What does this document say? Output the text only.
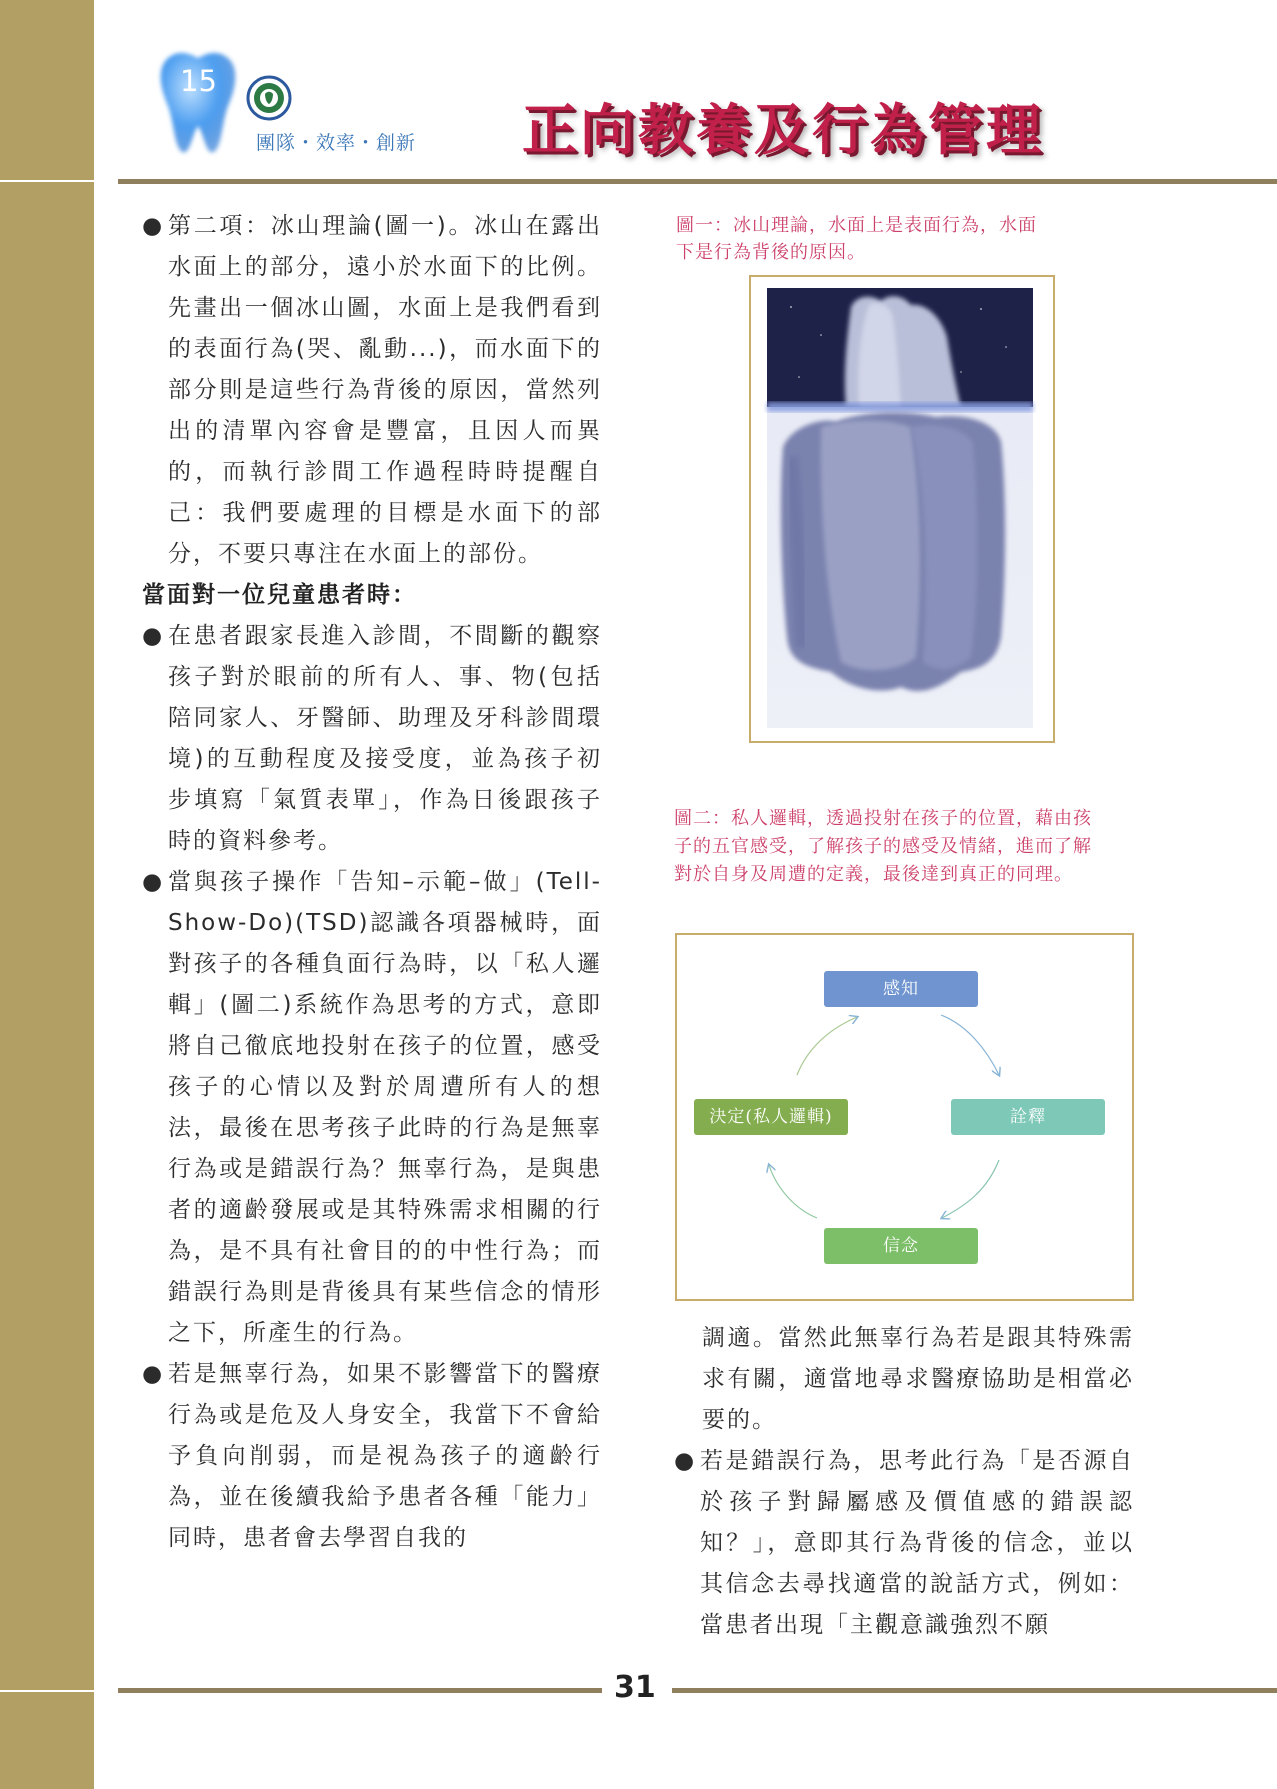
15
團隊・效率・創新 正向教養及行為管理
● 第二項：冰山理論(圖一)。冰山在露出水面上的部分，遠小於水面下的比例。先畫出一個冰山圖，水面上是我們看到的表面行為(哭、亂動...)，而水面下的部分則是這些行為背後的原因，當然列出的清單內容會是豐富，且因人而異的，而執行診間工作過程時時提醒自己：我們要處理的目標是水面下的部分，不要只專注在水面上的部份。
當面對一位兒童患者時：
● 在患者跟家長進入診間，不間斷的觀察孩子對於眼前的所有人、事、物(包括陪同家人、牙醫師、助理及牙科診間環境)的互動程度及接受度，並為孩子初步填寫「氣質表單」，作為日後跟孩子時的資料參考。
● 當與孩子操作「告知–示範–做」(Tell-Show-Do)(TSD)認識各項器械時，面對孩子的各種負面行為時，以「私人邏輯」(圖二)系統作為思考的方式，意即將自己徹底地投射在孩子的位置，感受孩子的心情以及對於周遭所有人的想法，最後在思考孩子此時的行為是無辜行為或是錯誤行為？無辜行為，是與患者的適齡發展或是其特殊需求相關的行為，是不具有社會目的的中性行為；而錯誤行為則是背後具有某些信念的情形之下，所產生的行為。
● 若是無辜行為，如果不影響當下的醫療行為或是危及人身安全，我當下不會給予負向削弱，而是視為孩子的適齡行為，並在後續我給予患者各種「能力」同時，患者會去學習自我的
圖一：冰山理論，水面上是表面行為，水面下是行為背後的原因。
圖二：私人邏輯，透過投射在孩子的位置，藉由孩子的五官感受，了解孩子的感受及情緒，進而了解對於自身及周遭的定義，最後達到真正的同理。
感知
詮釋
信念
決定(私人邏輯)
調適。當然此無辜行為若是跟其特殊需求有關，適當地尋求醫療協助是相當必要的。
● 若是錯誤行為，思考此行為「是否源自於孩子對歸屬感及價值感的錯誤認知？」，意即其行為背後的信念，並以其信念去尋找適當的說話方式，例如：當患者出現「主觀意識強烈不願
31
